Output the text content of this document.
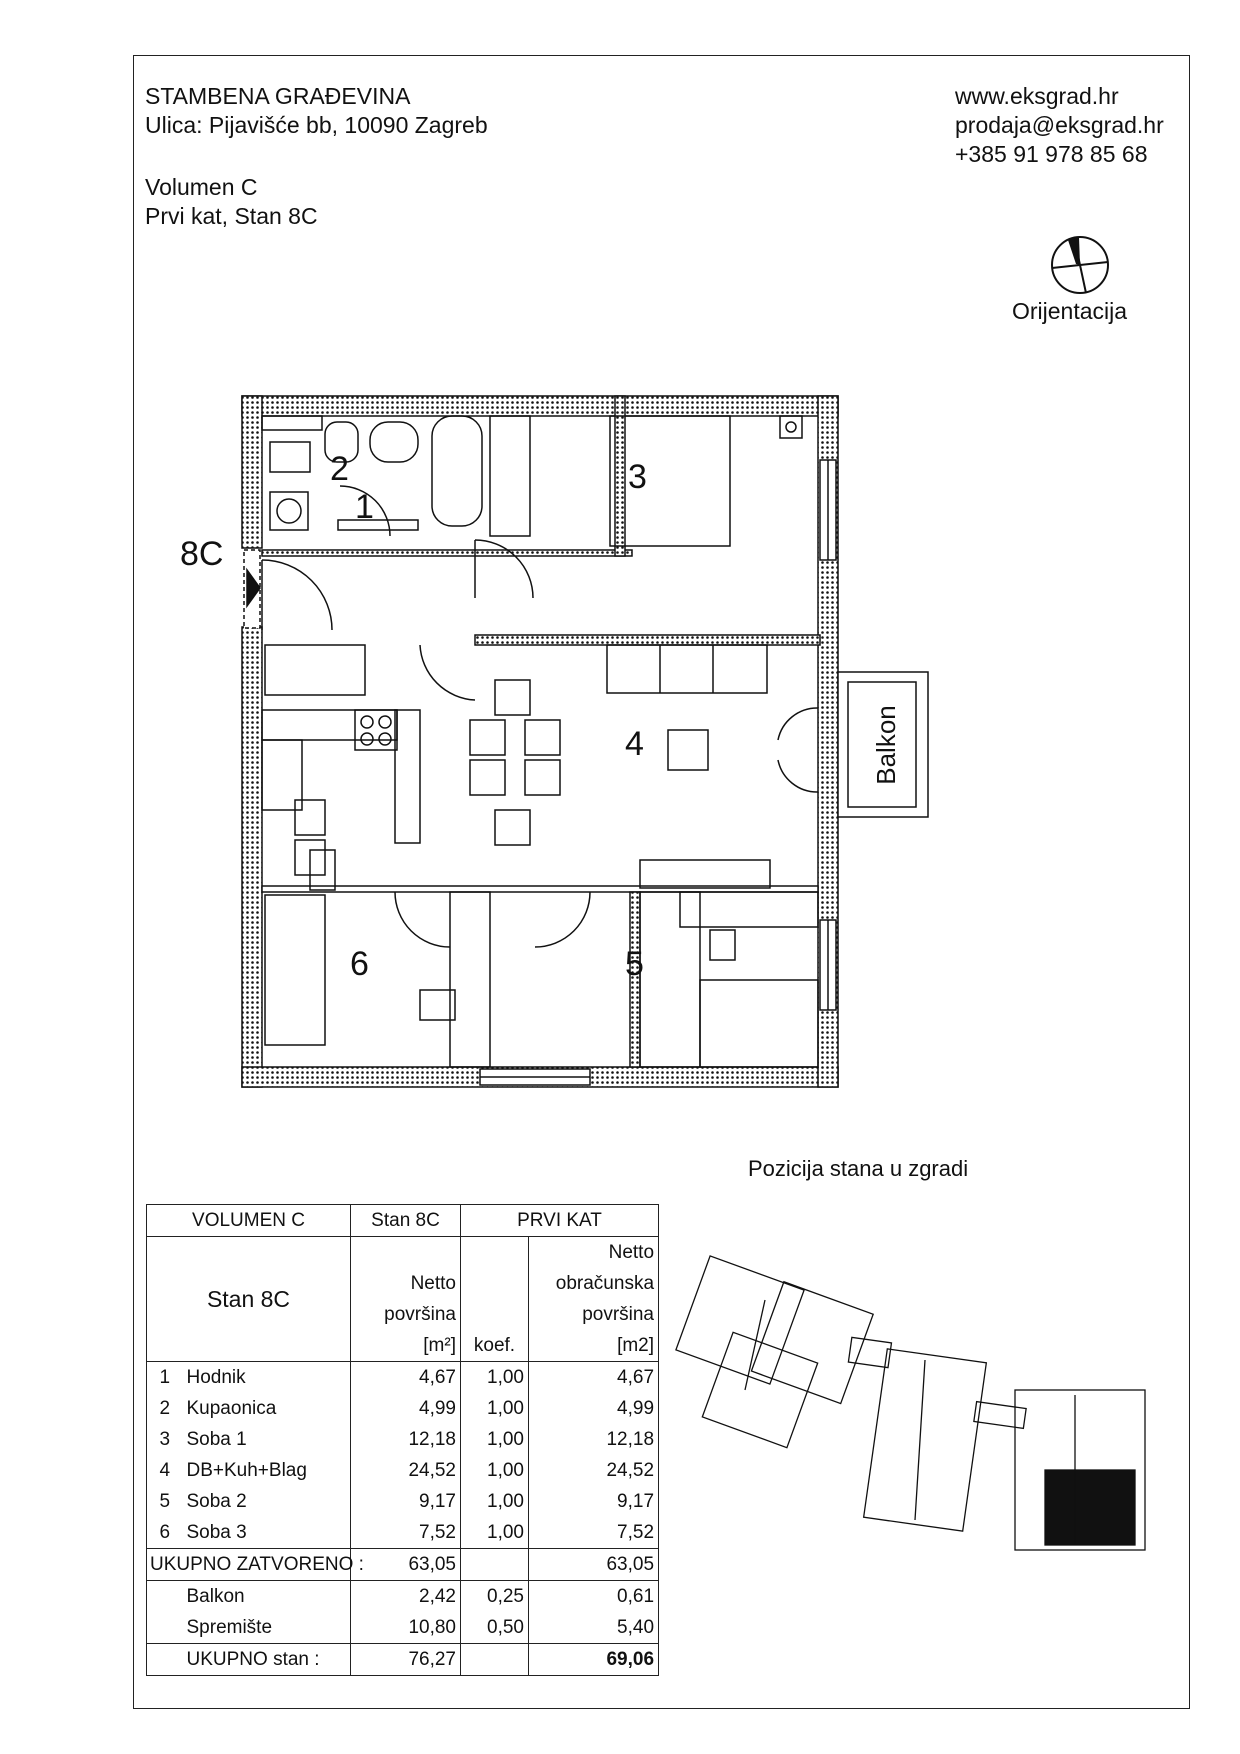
STAMBENA GRAĐEVINA
Ulica: Pijavišće bb, 10090 Zagreb
Volumen C
Prvi kat, Stan 8C
www.eksgrad.hr
prodaja@eksgrad.hr
+385 91 978 85 68
Orijentacija
8C
1
2	3
4
5
6
Balkon
Pozicija stana u zgradi
VOLUMEN C		Stan 8C	PRVI KAT	
Stan 8C				Netto
		Netto		obračunska
		površina		površina
		[m²]	koef.	[m2]
1	Hodnik	4,67	1,00	4,67
2	Kupaonica	4,99	1,00	4,99
3	Soba 1	12,18	1,00	12,18
4	DB+Kuh+Blag	24,52	1,00	24,52
5	Soba 2	9,17	1,00	9,17
6	Soba 3	7,52	1,00	7,52
UKUPNO ZATVORENO :		63,05		63,05
	Balkon	2,42	0,25	0,61
	Spremište	10,80	0,50	5,40
	UKUPNO stan :	76,27		69,06
